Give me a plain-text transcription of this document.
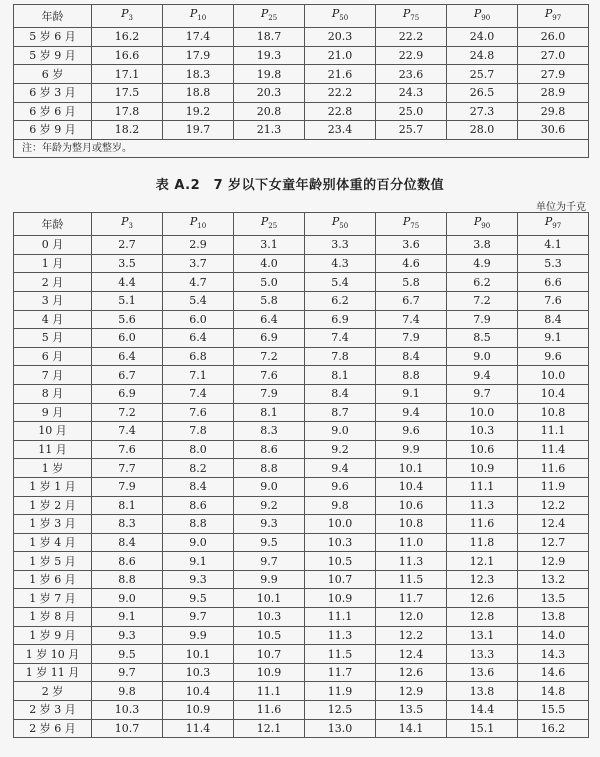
年龄	$P_3$	$P_{10}$	$P_{25}$	$P_{50}$	$P_{75}$	$P_{90}$	$P_{97}$
5 岁 6 月	16.2	17.4	18.7	20.3	22.2	24.0	26.0
5 岁 9 月	16.6	17.9	19.3	21.0	22.9	24.8	27.0
6 岁	17.1	18.3	19.8	21.6	23.6	25.7	27.9
6 岁 3 月	17.5	18.8	20.3	22.2	24.3	26.5	28.9
6 岁 6 月	17.8	19.2	20.8	22.8	25.0	27.3	29.8
6 岁 9 月	18.2	19.7	21.3	23.4	25.7	28.0	30.6
注：年龄为整月或整岁。							
表 A.2　7 岁以下女童年龄别体重的百分位数值
单位为千克
年龄	$P_3$	$P_{10}$	$P_{25}$	$P_{50}$	$P_{75}$	$P_{90}$	$P_{97}$
0 月	2.7	2.9	3.1	3.3	3.6	3.8	4.1
1 月	3.5	3.7	4.0	4.3	4.6	4.9	5.3
2 月	4.4	4.7	5.0	5.4	5.8	6.2	6.6
3 月	5.1	5.4	5.8	6.2	6.7	7.2	7.6
4 月	5.6	6.0	6.4	6.9	7.4	7.9	8.4
5 月	6.0	6.4	6.9	7.4	7.9	8.5	9.1
6 月	6.4	6.8	7.2	7.8	8.4	9.0	9.6
7 月	6.7	7.1	7.6	8.1	8.8	9.4	10.0
8 月	6.9	7.4	7.9	8.4	9.1	9.7	10.4
9 月	7.2	7.6	8.1	8.7	9.4	10.0	10.8
10 月	7.4	7.8	8.3	9.0	9.6	10.3	11.1
11 月	7.6	8.0	8.6	9.2	9.9	10.6	11.4
1 岁	7.7	8.2	8.8	9.4	10.1	10.9	11.6
1 岁 1 月	7.9	8.4	9.0	9.6	10.4	11.1	11.9
1 岁 2 月	8.1	8.6	9.2	9.8	10.6	11.3	12.2
1 岁 3 月	8.3	8.8	9.3	10.0	10.8	11.6	12.4
1 岁 4 月	8.4	9.0	9.5	10.3	11.0	11.8	12.7
1 岁 5 月	8.6	9.1	9.7	10.5	11.3	12.1	12.9
1 岁 6 月	8.8	9.3	9.9	10.7	11.5	12.3	13.2
1 岁 7 月	9.0	9.5	10.1	10.9	11.7	12.6	13.5
1 岁 8 月	9.1	9.7	10.3	11.1	12.0	12.8	13.8
1 岁 9 月	9.3	9.9	10.5	11.3	12.2	13.1	14.0
1 岁 10 月	9.5	10.1	10.7	11.5	12.4	13.3	14.3
1 岁 11 月	9.7	10.3	10.9	11.7	12.6	13.6	14.6
2 岁	9.8	10.4	11.1	11.9	12.9	13.8	14.8
2 岁 3 月	10.3	10.9	11.6	12.5	13.5	14.4	15.5
2 岁 6 月	10.7	11.4	12.1	13.0	14.1	15.1	16.2
